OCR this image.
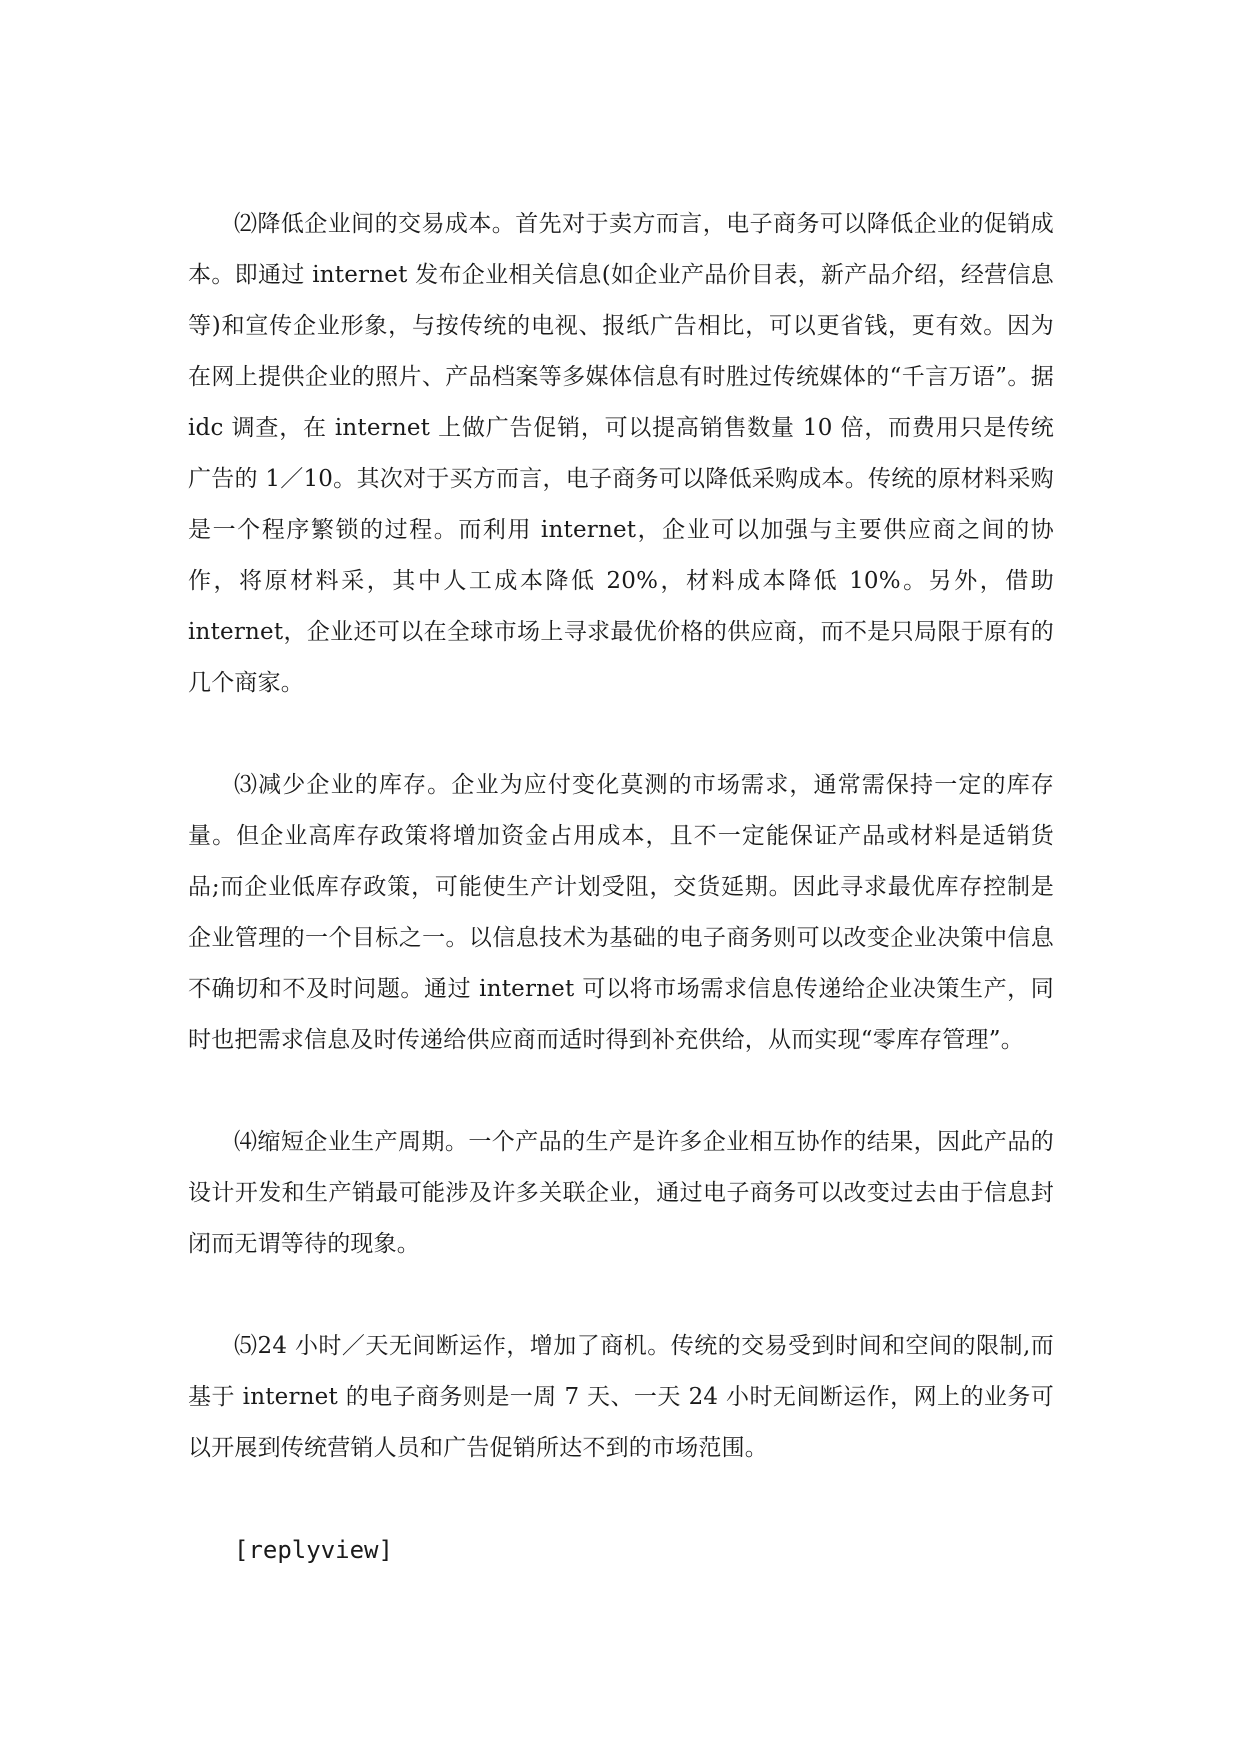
⑵降低企业间的交易成本。首先对于卖方而言，电子商务可以降低企业的促销成本。即通过 internet 发布企业相关信息(如企业产品价目表，新产品介绍，经营信息等)和宣传企业形象，与按传统的电视、报纸广告相比，可以更省钱，更有效。因为在网上提供企业的照片、产品档案等多媒体信息有时胜过传统媒体的“千言万语”。据 idc 调查，在 internet 上做广告促销，可以提高销售数量 10 倍，而费用只是传统广告的 1／10。其次对于买方而言，电子商务可以降低采购成本。传统的原材料采购是一个程序繁锁的过程。而利用 internet，企业可以加强与主要供应商之间的协作，将原材料采，其中人工成本降低 20%，材料成本降低 10%。另外，借助 internet，企业还可以在全球市场上寻求最优价格的供应商，而不是只局限于原有的几个商家。

⑶减少企业的库存。企业为应付变化莫测的市场需求，通常需保持一定的库存量。但企业高库存政策将增加资金占用成本，且不一定能保证产品或材料是适销货品;而企业低库存政策，可能使生产计划受阻，交货延期。因此寻求最优库存控制是企业管理的一个目标之一。以信息技术为基础的电子商务则可以改变企业决策中信息不确切和不及时问题。通过 internet 可以将市场需求信息传递给企业决策生产，同时也把需求信息及时传递给供应商而适时得到补充供给，从而实现“零库存管理”。

⑷缩短企业生产周期。一个产品的生产是许多企业相互协作的结果，因此产品的设计开发和生产销最可能涉及许多关联企业，通过电子商务可以改变过去由于信息封闭而无谓等待的现象。

⑸24 小时／天无间断运作，增加了商机。传统的交易受到时间和空间的限制,而基于 internet 的电子商务则是一周 7 天、一天 24 小时无间断运作，网上的业务可以开展到传统营销人员和广告促销所达不到的市场范围。

[replyview]
